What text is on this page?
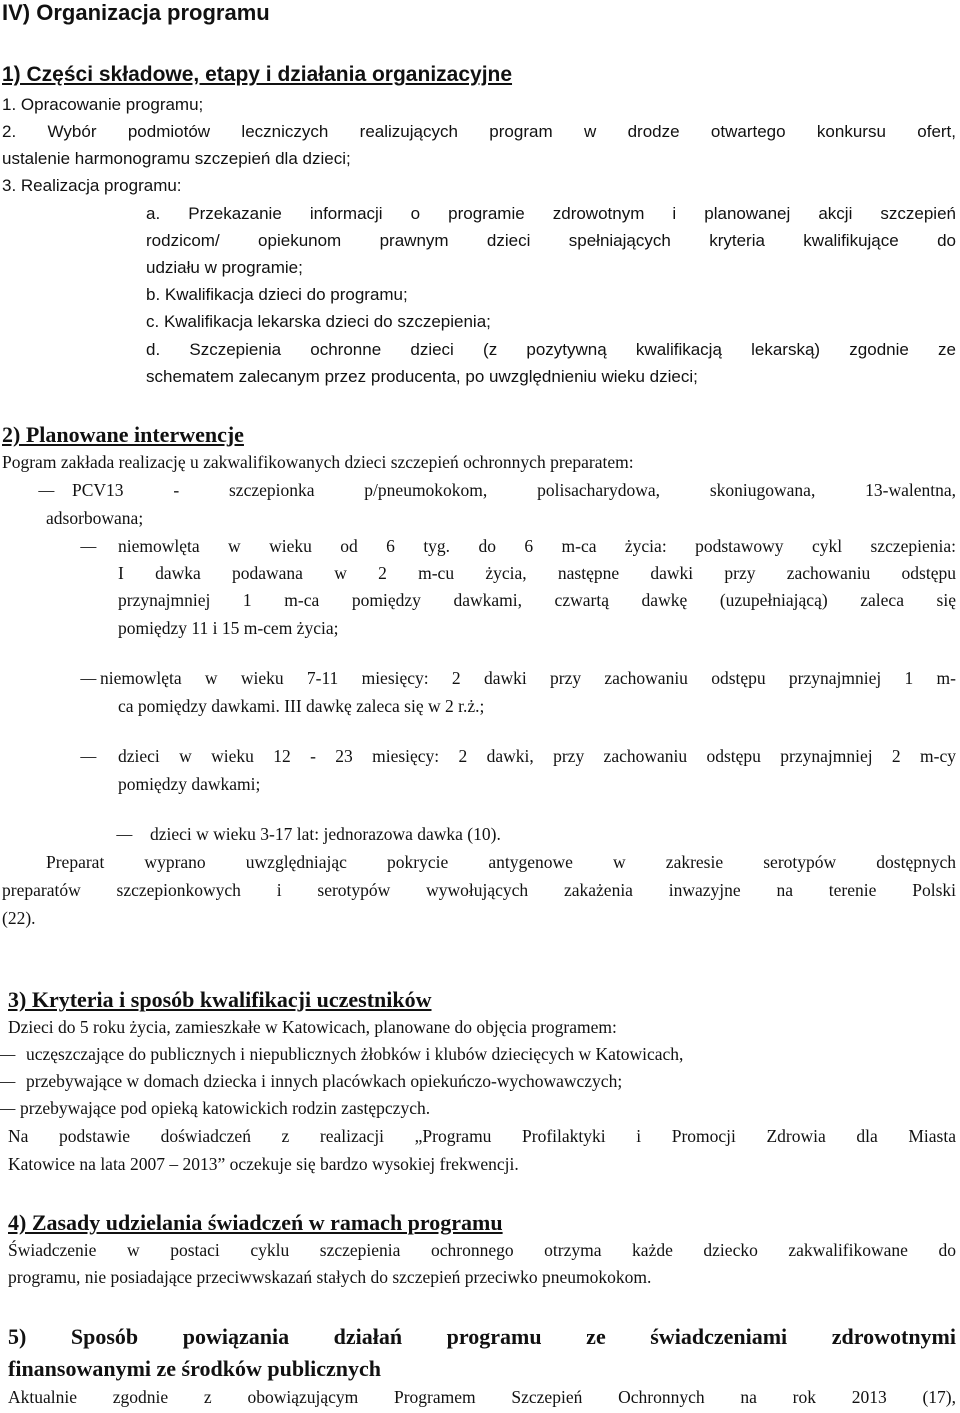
IV) Organizacja programu
1) Części składowe, etapy i działania organizacyjne
1. Opracowanie programu;
2. Wybór podmiotów leczniczych realizujących program w drodze otwartego konkursu ofert,
ustalenie harmonogramu szczepień dla dzieci;
3. Realizacja programu:
a. Przekazanie informacji o programie zdrowotnym i planowanej akcji szczepień
rodzicom/ opiekunom prawnym dzieci spełniających kryteria kwalifikujące do
udziału w programie;
b. Kwalifikacja dzieci do programu;
c. Kwalifikacja lekarska dzieci do szczepienia;
d. Szczepienia ochronne dzieci (z pozytywną kwalifikacją lekarską) zgodnie ze
schematem zalecanym przez producenta, po uwzględnieniu wieku dzieci;
2) Planowane interwencje
Pogram zakłada realizację u zakwalifikowanych dzieci szczepień ochronnych preparatem:
– PCV13 - szczepionka p/pneumokokom, polisacharydowa, skoniugowana, 13-walentna,
adsorbowana;
– niemowlęta w wieku od 6 tyg. do 6 m-ca życia: podstawowy cykl szczepienia:
I dawka podawana w 2 m-cu życia, następne dawki przy zachowaniu odstępu
przynajmniej 1 m-ca pomiędzy dawkami, czwartą dawkę (uzupełniającą) zaleca się
pomiędzy 11 i 15 m-cem życia;
– niemowlęta w wieku 7-11 miesięcy: 2 dawki przy zachowaniu odstępu przynajmniej 1 m-
ca pomiędzy dawkami. III dawkę zaleca się w 2 r.ż.;
– dzieci w wieku 12 - 23 miesięcy: 2 dawki, przy zachowaniu odstępu przynajmniej 2 m-cy
pomiędzy dawkami;
– dzieci w wieku 3-17 lat: jednorazowa dawka (10).
Preparat wyprano uwzględniając pokrycie antygenowe w zakresie serotypów dostępnych
preparatów szczepionkowych i serotypów wywołujących zakażenia inwazyjne na terenie Polski
(22).
3) Kryteria i sposób kwalifikacji uczestników
Dzieci do 5 roku życia, zamieszkałe w Katowicach, planowane do objęcia programem:
– uczęszczające do publicznych i niepublicznych żłobków i klubów dziecięcych w Katowicach,
– przebywające w domach dziecka i innych placówkach opiekuńczo-wychowawczych;
– przebywające pod opieką katowickich rodzin zastępczych.
Na podstawie doświadczeń z realizacji „Programu Profilaktyki i Promocji Zdrowia dla Miasta
Katowice na lata 2007 – 2013” oczekuje się bardzo wysokiej frekwencji.
4) Zasady udzielania świadczeń w ramach programu
Świadczenie w postaci cyklu szczepienia ochronnego otrzyma każde dziecko zakwalifikowane do
programu, nie posiadające przeciwwskazań stałych do szczepień przeciwko pneumokokom.
5) Sposób powiązania działań programu ze świadczeniami zdrowotnymi
finansowanymi ze środków publicznych
Aktualnie zgodnie z obowiązującym Programem Szczepień Ochronnych na rok 2013 (17),
